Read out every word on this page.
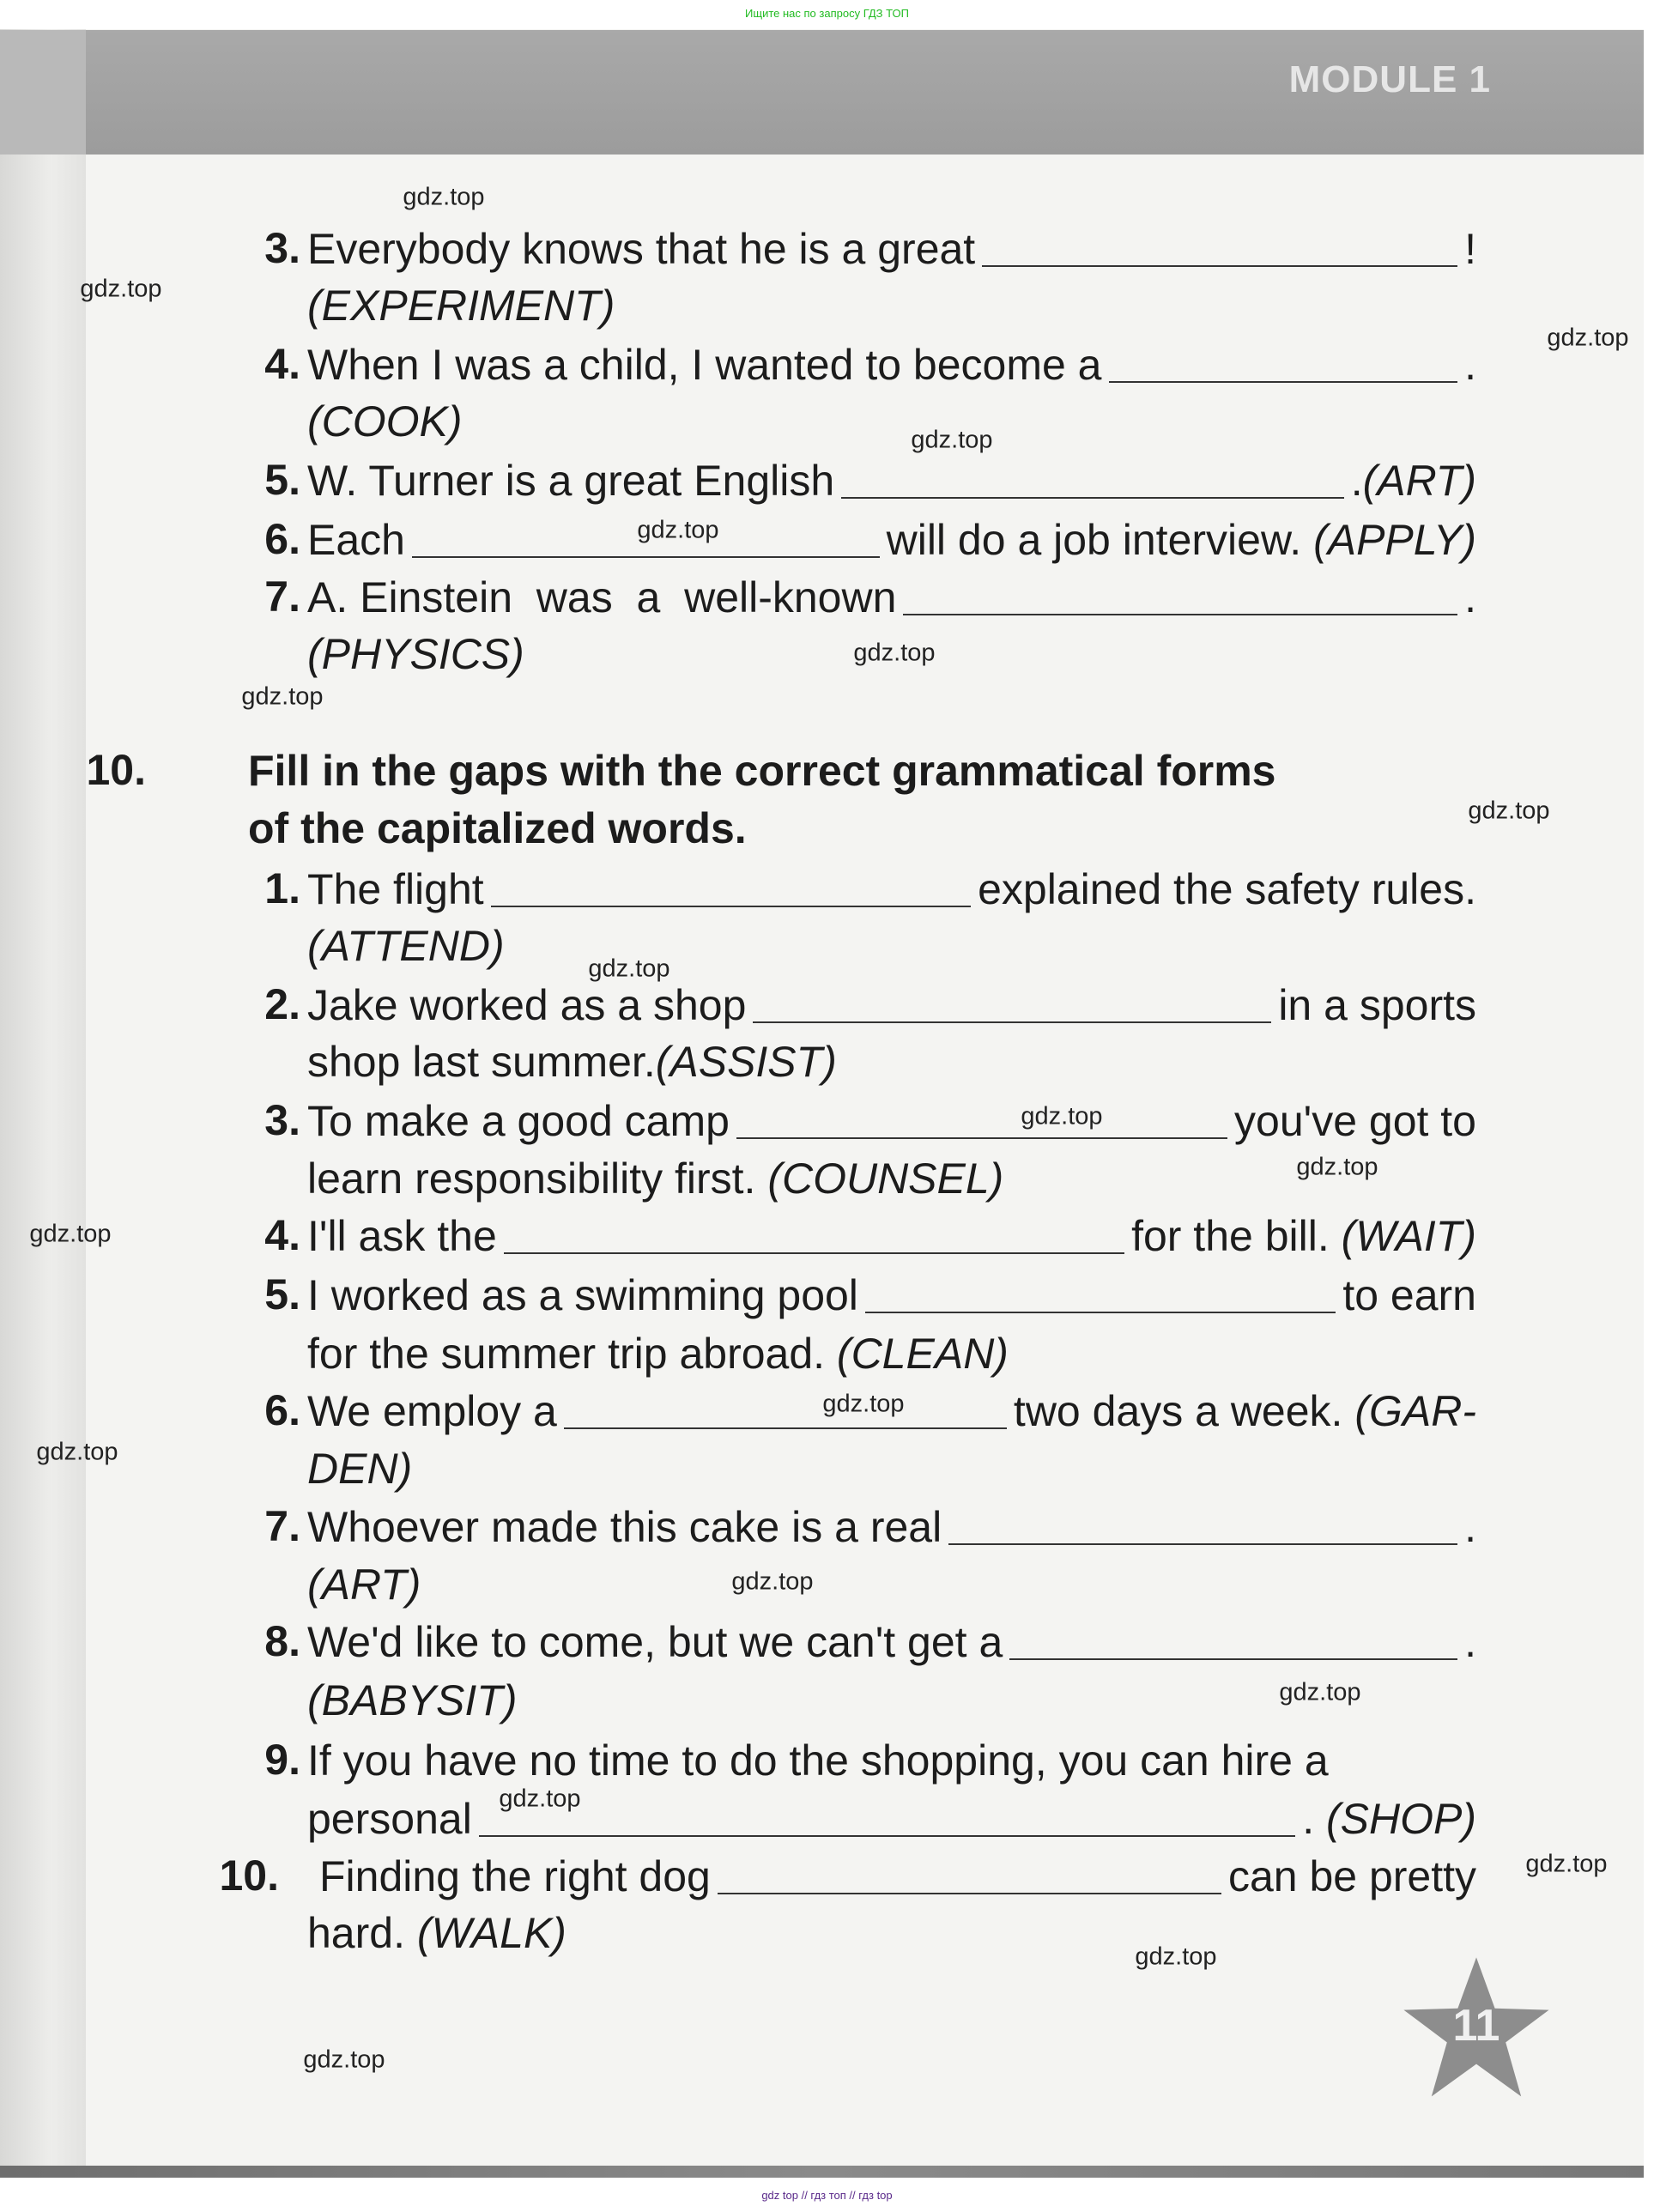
Ищите нас по запросу ГДЗ ТОП
MODULE 1
3. Everybody knows that he is a great	!
(EXPERIMENT)
4. When I was a child, I wanted to become a	.
(COOK)
5. W. Turner is a great English	. (ART)
6. Each	will do a job interview. (APPLY)
7. A. Einstein  was  a  well-known	.
(PHYSICS)
10. Fill in the gaps with the correct grammatical forms
of the capitalized words.
1. The flight	explained the safety rules.
(ATTEND)
2. Jake worked as a shop	in a sports
shop last summer. (ASSIST)
3. To make a good camp	you've got to
learn responsibility first. (COUNSEL)
4. I'll ask the	for the bill. (WAIT)
5. I worked as a swimming pool	to earn
for the summer trip abroad. (CLEAN)
6. We employ a	two days a week. (GAR-
DEN)
7. Whoever made this cake is a real	.
(ART)
8. We'd like to come, but we can't get a	.
(BABYSIT)
9. If you have no time to do the shopping, you can hire a
personal	. (SHOP)
10. Finding the right dog	can be pretty
hard. (WALK)
gdz.top
gdz.top
gdz.top
gdz.top
gdz.top
gdz.top
gdz.top
gdz.top
gdz.top
gdz.top
gdz.top
gdz.top
gdz.top
gdz.top
gdz.top
gdz.top
gdz.top
gdz.top
gdz.top
gdz.top
11
gdz top // гдз топ // гдз top
